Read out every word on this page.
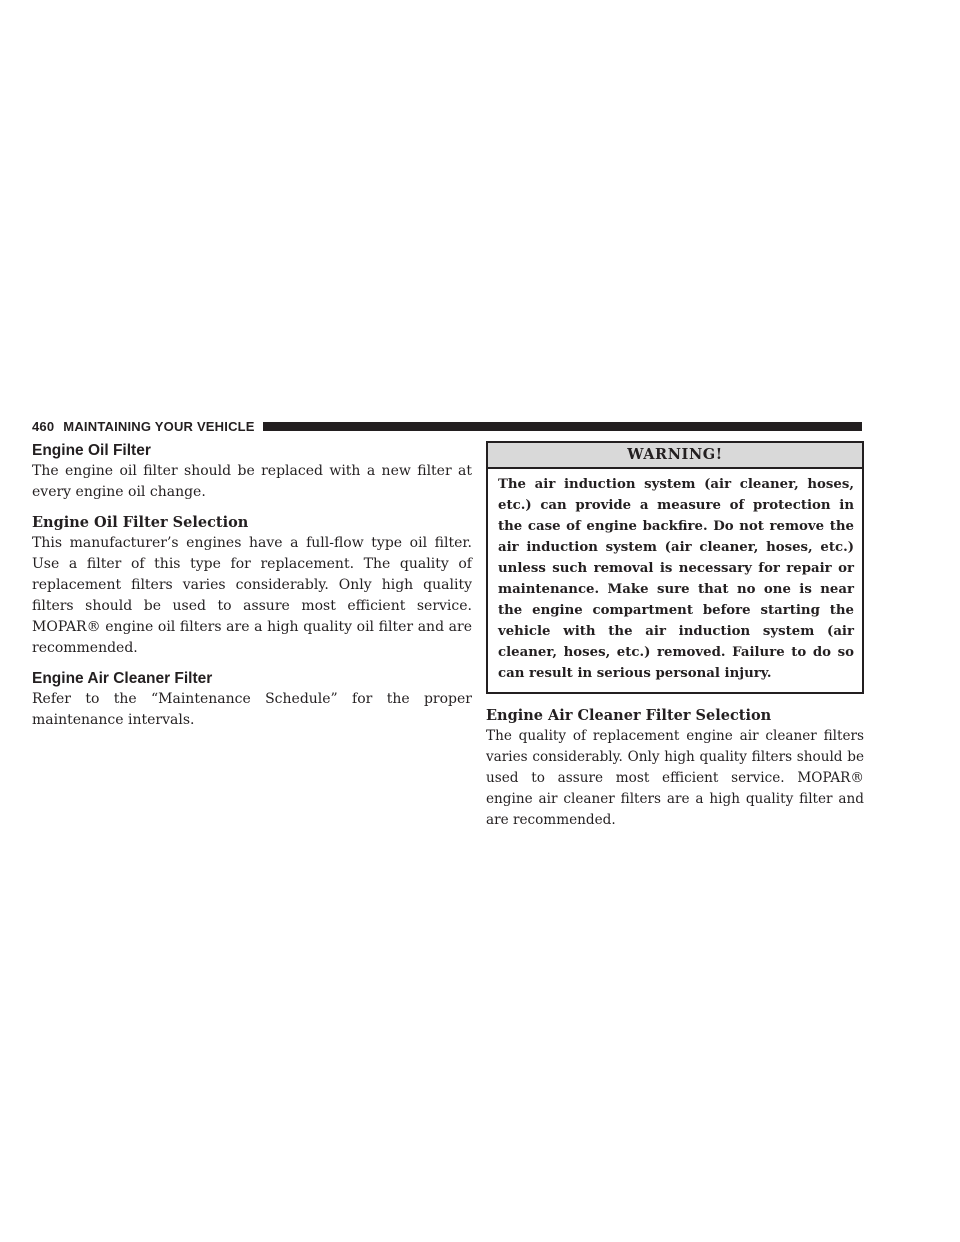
460 MAINTAINING YOUR VEHICLE
Engine Oil Filter

The engine oil filter should be replaced with a new filter at every engine oil change.

Engine Oil Filter Selection

This manufacturer’s engines have a full-flow type oil filter. Use a filter of this type for replacement. The quality of replacement filters varies considerably. Only high quality filters should be used to assure most efficient service. MOPAR® engine oil filters are a high quality oil filter and are recommended.

Engine Air Cleaner Filter

Refer to the “Maintenance Schedule” for the proper maintenance intervals.

WARNING!
The air induction system (air cleaner, hoses, etc.) can provide a measure of protection in the case of engine backfire. Do not remove the air induction system (air cleaner, hoses, etc.) unless such removal is necessary for repair or maintenance. Make sure that no one is near the engine compartment before starting the vehicle with the air induction system (air cleaner, hoses, etc.) removed. Failure to do so can result in serious personal injury.
Engine Air Cleaner Filter Selection

The quality of replacement engine air cleaner filters varies considerably. Only high quality filters should be used to assure most efficient service. MOPAR® engine air cleaner filters are a high quality filter and are recommended.
